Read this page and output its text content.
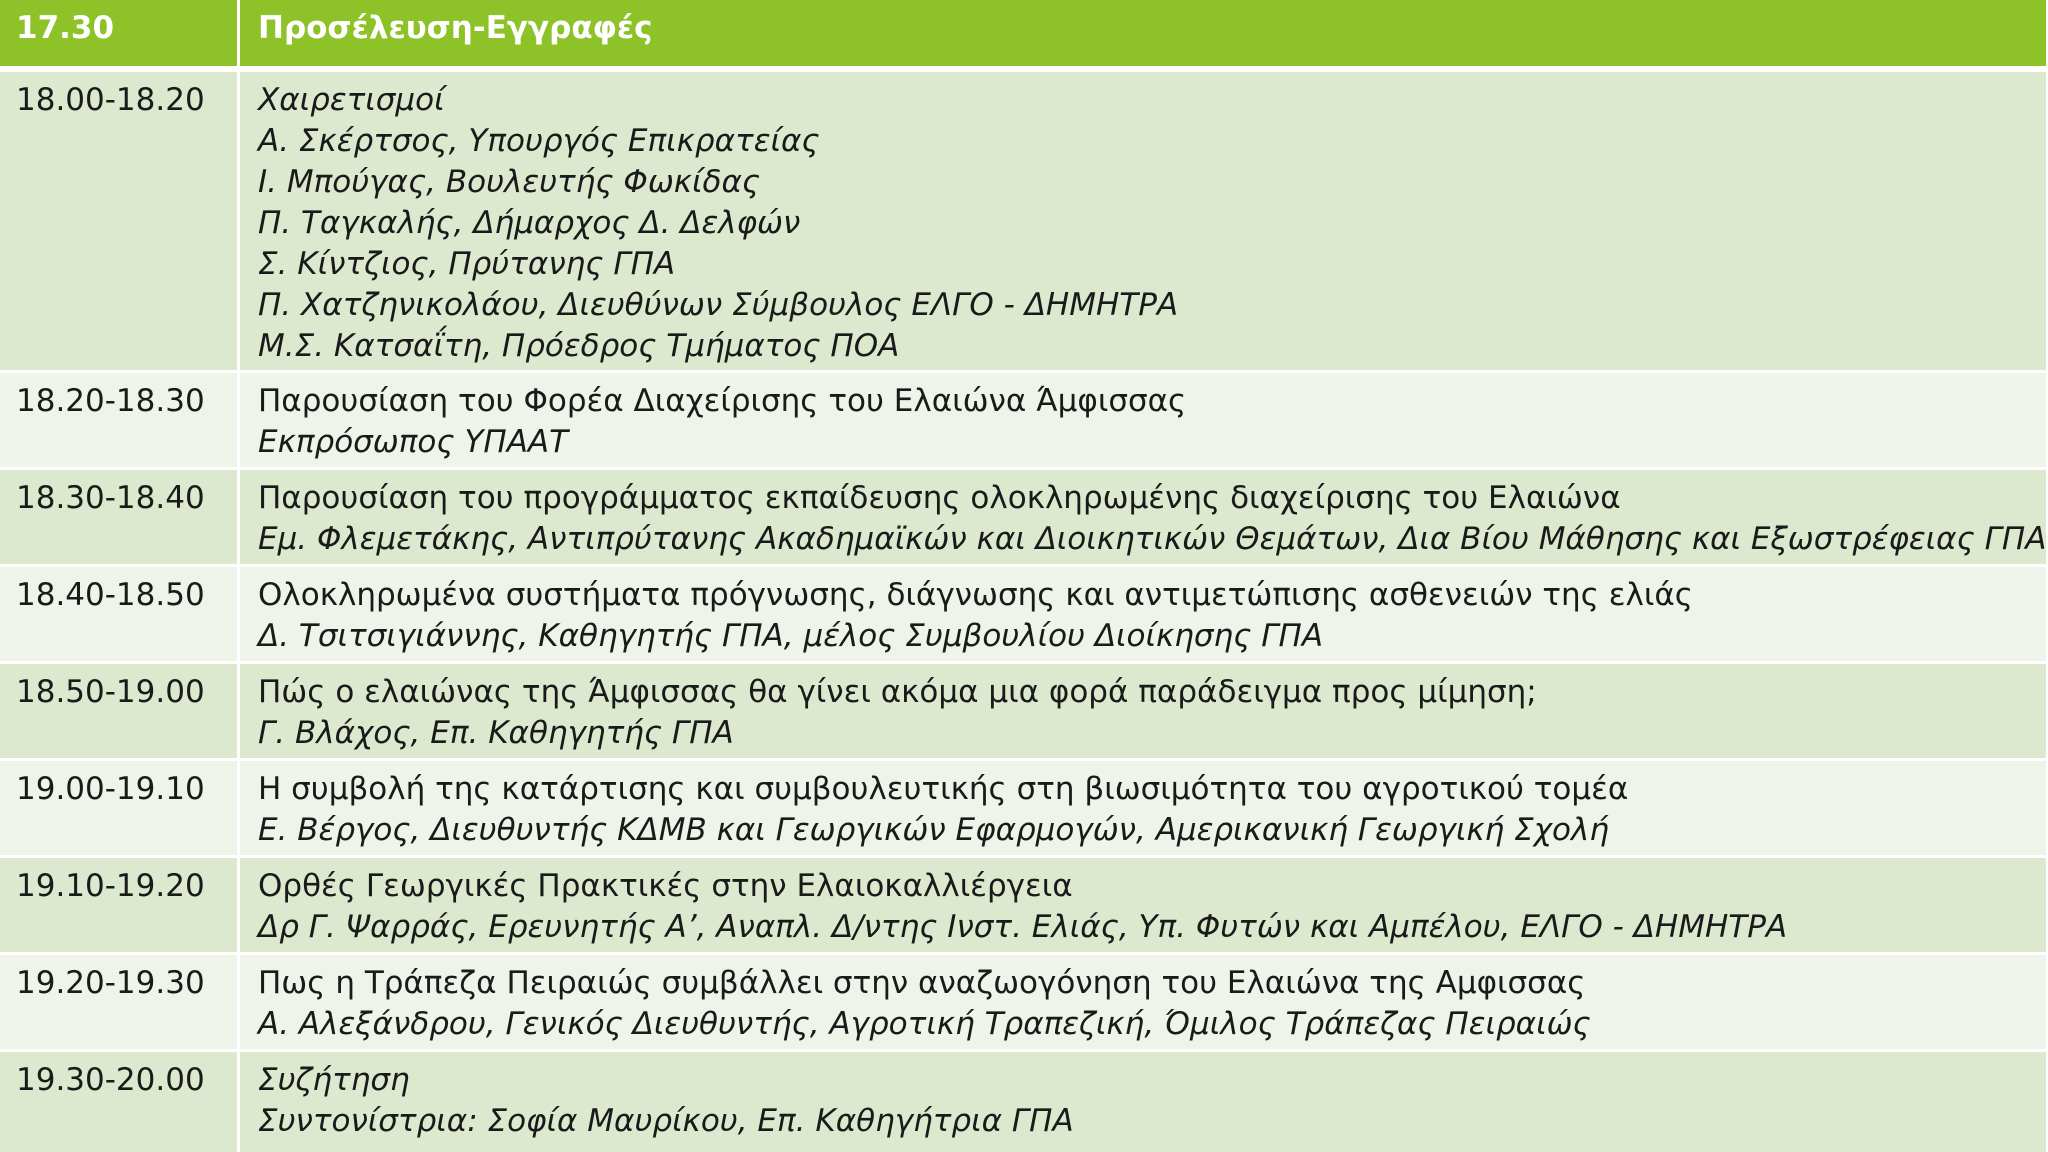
17.30	Προσέλευση-Εγγραφές
18.00-18.20	Χαιρετισμοί
Α. Σκέρτσος, Υπουργός Επικρατείας
Ι. Μπούγας, Βουλευτής Φωκίδας
Π. Ταγκαλής, Δήμαρχος Δ. Δελφών
Σ. Κίντζιος, Πρύτανης ΓΠΑ
Π. Χατζηνικολάου, Διευθύνων Σύμβουλος ΕΛΓΟ - ΔΗΜΗΤΡΑ
Μ.Σ. Κατσαΐτη, Πρόεδρος Τμήματος ΠΟΑ
18.20-18.30	Παρουσίαση του Φορέα Διαχείρισης του Ελαιώνα Άμφισσας
Εκπρόσωπος ΥΠΑΑΤ
18.30-18.40	Παρουσίαση του προγράμματος εκπαίδευσης ολοκληρωμένης διαχείρισης του Ελαιώνα
Εμ. Φλεμετάκης, Αντιπρύτανης Ακαδημαϊκών και Διοικητικών Θεμάτων, Δια Βίου Μάθησης και Εξωστρέφειας ΓΠΑ
18.40-18.50	Ολοκληρωμένα συστήματα πρόγνωσης, διάγνωσης και αντιμετώπισης ασθενειών της ελιάς
Δ. Τσιτσιγιάννης, Καθηγητής ΓΠΑ, μέλος Συμβουλίου Διοίκησης ΓΠΑ
18.50-19.00	Πώς ο ελαιώνας της Άμφισσας θα γίνει ακόμα μια φορά παράδειγμα προς μίμηση;
Γ. Βλάχος, Επ. Καθηγητής ΓΠΑ
19.00-19.10	Η συμβολή της κατάρτισης και συμβουλευτικής στη βιωσιμότητα του αγροτικού τομέα
Ε. Βέργος, Διευθυντής ΚΔΜΒ και Γεωργικών Εφαρμογών, Αμερικανική Γεωργική Σχολή
19.10-19.20	Ορθές Γεωργικές Πρακτικές στην Ελαιοκαλλιέργεια
Δρ Γ. Ψαρράς, Ερευνητής Α’, Αναπλ. Δ/ντης Ινστ. Ελιάς, Υπ. Φυτών και Αμπέλου, ΕΛΓΟ - ΔΗΜΗΤΡΑ
19.20-19.30	Πως η Τράπεζα Πειραιώς συμβάλλει στην αναζωογόνηση του Ελαιώνα της Αμφισσας
Α. Αλεξάνδρου, Γενικός Διευθυντής, Αγροτική Τραπεζική, Όμιλος Τράπεζας Πειραιώς
19.30-20.00	Συζήτηση
Συντονίστρια: Σοφία Μαυρίκου, Επ. Καθηγήτρια ΓΠΑ
